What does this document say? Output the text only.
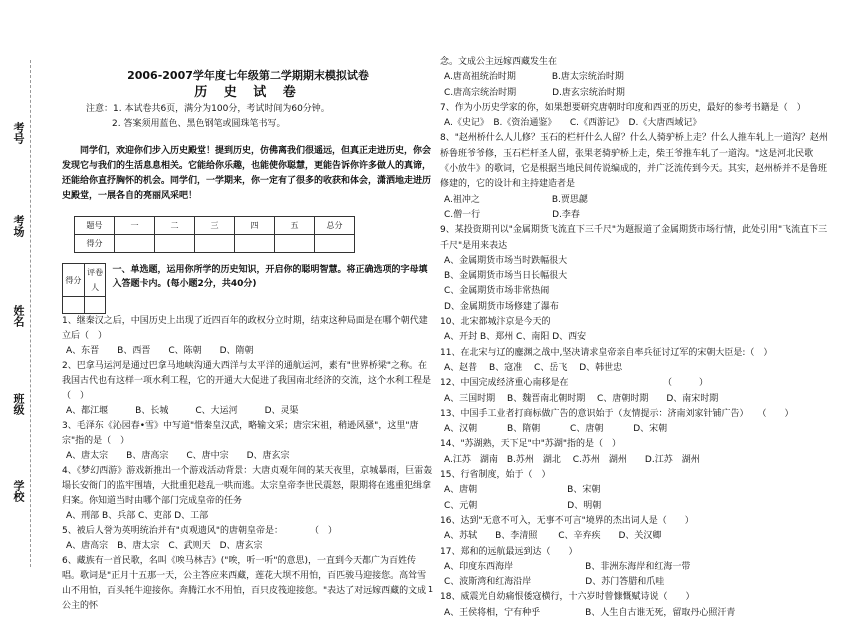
考号
考场
姓名
班级
学校
2006-2007学年度七年级第二学期期末模拟试卷
历 史 试 卷
注意：1. 本试卷共6页，满分为100分，考试时间为60分钟。
2. 答案须用蓝色、黑色钢笔或圆珠笔书写。
同学们，欢迎你们步入历史殿堂！提到历史，仿佛离我们很遥远，但真正走进历史，你会发现它与我们的生活息息相关。它能给你乐趣，也能使你聪慧，更能告诉你许多做人的真谛，还能给你直抒胸怀的机会。同学们，一学期来，你一定有了很多的收获和体会，潇洒地走进历史殿堂，一展各自的亮丽风采吧！
题号	一	二	三	四	五	总分
得分						
得分	评卷人

一、单选题，运用你所学的历史知识，开启你的聪明智慧。将正确选项的字母填入答题卡内。(每小题2分，共40分)

1、继秦汉之后，中国历史上出现了近四百年的政权分立时期，结束这种局面是在哪个朝代建立后（　）

A、东晋　　B、西晋　　C、陈朝　　D、隋朝

2、巴拿马运河是通过巴拿马地峡沟通大西洋与太平洋的通航运河，素有"世界桥梁"之称。在我国古代也有这样一项水利工程，它的开通大大促进了我国南北经济的交流，这个水利工程是（　）

A、都江堰　　　B、长城　　　C、大运河　　　D、灵渠

3、毛泽东《沁园春•雪》中写道"惜秦皇汉武，略输文采；唐宗宋祖，稍逊风骚"，这里"唐宗"指的是（　）

A、唐太宗　　B、唐高宗　　C、唐中宗　　D、唐玄宗

4、《梦幻西游》游戏新推出一个游戏活动背景：大唐贞观年间的某天夜里，京城暴雨，巨雷轰塌长安衙门的监牢围墙，大批重犯趁乱一哄而逃。太宗皇帝李世民震怒，限期将在逃重犯缉拿归案。你知道当时由哪个部门完成皇帝的任务

A、刑部 B、兵部 C、吏部 D、工部

5、被后人誉为英明统治并有"贞观遗风"的唐朝皇帝是：　　　　（　）

A、唐高宗　B、唐太宗　C、武则天　D、唐玄宗

6、藏族有一首民歌，名叫《唉马林吉》("唉，听一听"的意思)，一直到今天都广为百姓传唱。歌词是"正月十五那一天，公主答应来西藏，莲花大坝不用怕，百匹骏马迎接您。高耸雪山不用怕，百头牦牛迎接你。奔腾江水不用怕，百只皮筏迎接您。"表达了对远嫁西藏的文成公主的怀

念。文成公主远嫁西藏发生在

A.唐高祖统治时期　　　　B.唐太宗统治时期

C.唐高宗统治时期　　　　D.唐玄宗统治时期

7、作为小历史学家的你，如果想要研究唐朝时印度和西亚的历史，最好的参考书籍是（　）

A.《史记》　B.《资治通鉴》　　C.《西游记》　D.《大唐西域记》

8、"赵州桥什么人儿修？玉石的栏杆什么人留？什么人骑驴桥上走？什么人推车轧上一道沟？赵州桥鲁班爷爷修，玉石栏杆圣人留，张果老骑驴桥上走，柴王爷推车轧了一道沟。"这是河北民歌《小放牛》的歌词，它是根据当地民间传说编成的，并广泛流传到今天。其实，赵州桥并不是鲁班修建的，它的设计和主持建造者是

A.祖冲之　　　　　　　　B.贾思勰

C.僧一行　　　　　　　　D.李春

9、某投资期刊以"金属期货飞流直下三千尺"为题报道了金属期货市场行情，此处引用"飞流直下三千尺"是用来表达

A、金属期货市场当时跌幅很大

B、金属期货市场当日长幅很大

C、金属期货市场非常热闹

D、金属期货市场修建了瀑布

10、北宋都城汴京是今天的

A、开封 B、郑州 C、南阳 D、西安

11、在北宋与辽的鏖渊之战中,坚决请求皇帝亲自率兵征讨辽军的宋朝大臣是:（　）

A、赵普　 B、寇准　 C、岳飞　 D、韩世忠

12、中国完成经济重心南移是在　　　　　　　　　　　（　　　）

A、三国时期　 B、魏晋南北朝时期　 C、唐朝时期　　D、南宋时期

13、中国手工业者打商标做广告的意识始于（友情提示：济南刘家针铺广告）　　（　　）

A、汉朝　　　 B、隋朝　　　 C、唐朝　　　 D、宋朝

14、"苏湖熟，天下足"中"苏湖"指的是（　）

A.江苏　湖南　B.苏州　湖北　 C.苏州　湖州　　D.江苏　湖州

15、行省制度，始于（　）

A、唐朝　　　　　　　　　　B、宋朝

C、元朝　　　　　　　　　　D、明朝

16、达到"无意不可入，无事不可言"境界的杰出词人是（　　）

A、苏轼　　B、李清照　　 C、辛弃疾　　D、关汉卿

17、郑和的远航最远到达（　　）

A、印度东西海岸　　　　　　　　B、非洲东海岸和红海一带

C、波斯湾和红海沿岸　　　　　　D、苏门答腊和爪哇

18、威震光自幼痛恨倭寇横行，十六岁时曾慷慨赋诗说（　　）

A、王侯将相，宁有种乎　　　　　B、人生自古谁无死，留取丹心照汗青

1
